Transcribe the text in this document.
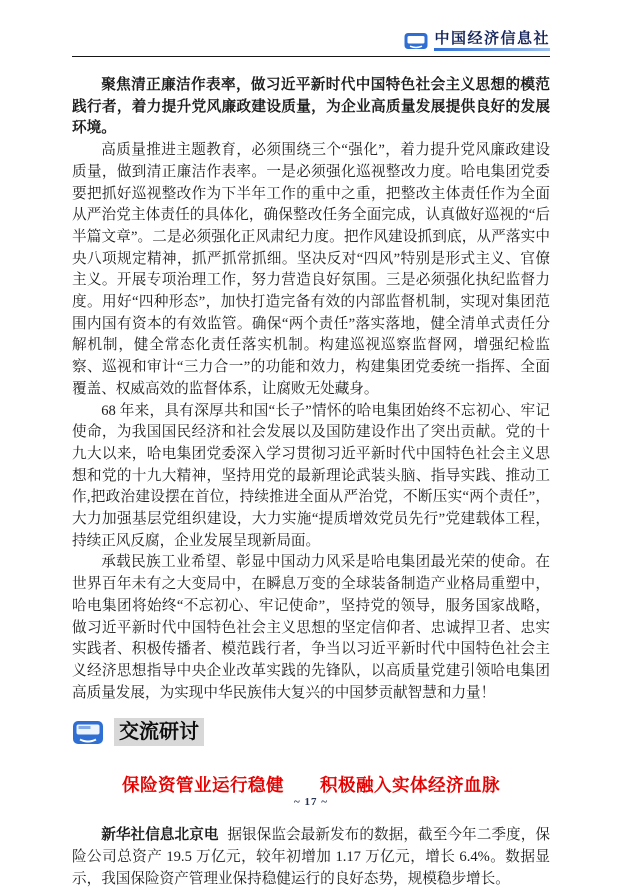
中国经济信息社

聚焦清正廉洁作表率，做习近平新时代中国特色社会主义思想的模范践行者，着力提升党风廉政建设质量，为企业高质量发展提供良好的发展环境。

高质量推进主题教育，必须围绕三个“强化”，着力提升党风廉政建设质量，做到清正廉洁作表率。一是必须强化巡视整改力度。哈电集团党委要把抓好巡视整改作为下半年工作的重中之重，把整改主体责任作为全面从严治党主体责任的具体化，确保整改任务全面完成，认真做好巡视的“后半篇文章”。二是必须强化正风肃纪力度。把作风建设抓到底，从严落实中央八项规定精神，抓严抓常抓细。坚决反对“四风”特别是形式主义、官僚主义。开展专项治理工作，努力营造良好氛围。三是必须强化执纪监督力度。用好“四种形态”，加快打造完备有效的内部监督机制，实现对集团范围内国有资本的有效监管。确保“两个责任”落实落地，健全清单式责任分解机制，健全常态化责任落实机制。构建巡视巡察监督网，增强纪检监察、巡视和审计“三力合一”的功能和效力，构建集团党委统一指挥、全面覆盖、权威高效的监督体系，让腐败无处藏身。

68 年来，具有深厚共和国“长子”情怀的哈电集团始终不忘初心、牢记使命，为我国国民经济和社会发展以及国防建设作出了突出贡献。党的十九大以来，哈电集团党委深入学习贯彻习近平新时代中国特色社会主义思想和党的十九大精神，坚持用党的最新理论武装头脑、指导实践、推动工作,把政治建设摆在首位，持续推进全面从严治党，不断压实“两个责任”，大力加强基层党组织建设，大力实施“提质增效党员先行”党建载体工程，持续正风反腐，企业发展呈现新局面。

承载民族工业希望、彰显中国动力风采是哈电集团最光荣的使命。在世界百年未有之大变局中，在瞬息万变的全球装备制造产业格局重塑中，哈电集团将始终“不忘初心、牢记使命”，坚持党的领导，服务国家战略，做习近平新时代中国特色社会主义思想的坚定信仰者、忠诚捍卫者、忠实实践者、积极传播者、模范践行者，争当以习近平新时代中国特色社会主义经济思想指导中央企业改革实践的先锋队，以高质量党建引领哈电集团高质量发展，为实现中华民族伟大复兴的中国梦贡献智慧和力量！

交流研讨
保险资管业运行稳健　　积极融入实体经济血脉

新华社信息北京电 据银保监会最新发布的数据，截至今年二季度，保险公司总资产 19.5 万亿元，较年初增加 1.17 万亿元，增长 6.4%。数据显示，我国保险资产管理业保持稳健运行的良好态势，规模稳步增长。

~ 17 ~
